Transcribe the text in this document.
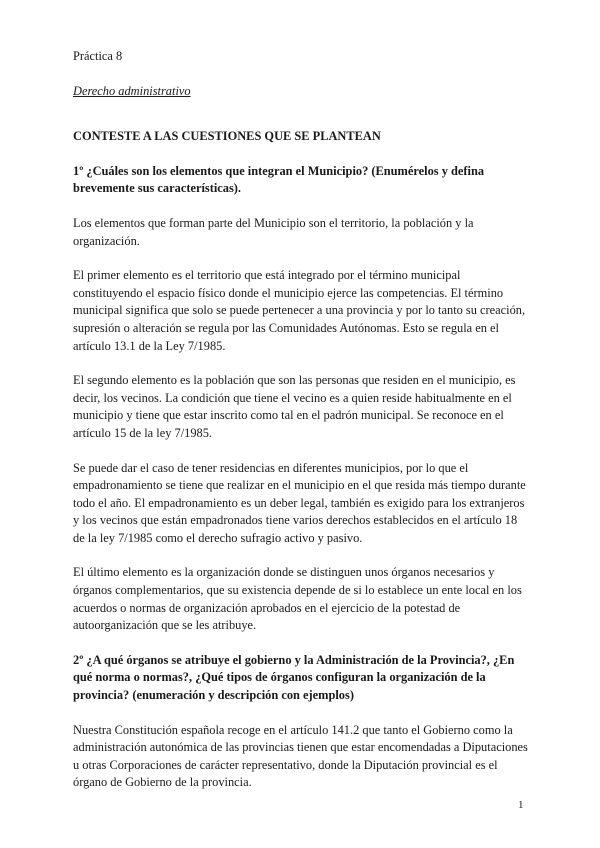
Práctica 8

Derecho administrativo

CONTESTE A LAS CUESTIONES QUE SE PLANTEAN

1º ¿Cuáles son los elementos que integran el Municipio? (Enumérelos y defina brevemente sus características).

Los elementos que forman parte del Municipio son el territorio, la población y la organización.

El primer elemento es el territorio que está integrado por el término municipal constituyendo el espacio físico donde el municipio ejerce las competencias. El término municipal significa que solo se puede pertenecer a una provincia y por lo tanto su creación, supresión o alteración se regula por las Comunidades Autónomas. Esto se regula en el artículo 13.1 de la Ley 7/1985.

El segundo elemento es la población que son las personas que residen en el municipio, es decir, los vecinos. La condición que tiene el vecino es a quien reside habitualmente en el municipio y tiene que estar inscrito como tal en el padrón municipal. Se reconoce en el artículo 15 de la ley 7/1985.

Se puede dar el caso de tener residencias en diferentes municipios, por lo que el empadronamiento se tiene que realizar en el municipio en el que resida más tiempo durante todo el año. El empadronamiento es un deber legal, también es exigido para los extranjeros y los vecinos que están empadronados tiene varios derechos establecidos en el artículo 18 de la ley 7/1985 como el derecho sufragio activo y pasivo.

El último elemento es la organización donde se distinguen unos órganos necesarios y órganos complementarios, que su existencia depende de si lo establece un ente local en los acuerdos o normas de organización aprobados en el ejercicio de la potestad de autoorganización que se les atribuye.

2º ¿A qué órganos se atribuye el gobierno y la Administración de la Provincia?, ¿En qué norma o normas?, ¿Qué tipos de órganos configuran la organización de la provincia? (enumeración y descripción con ejemplos)

Nuestra Constitución española recoge en el artículo 141.2 que tanto el Gobierno como la administración autonómica de las provincias tienen que estar encomendadas a Diputaciones u otras Corporaciones de carácter representativo, donde la Diputación provincial es el órgano de Gobierno de la provincia.

1
